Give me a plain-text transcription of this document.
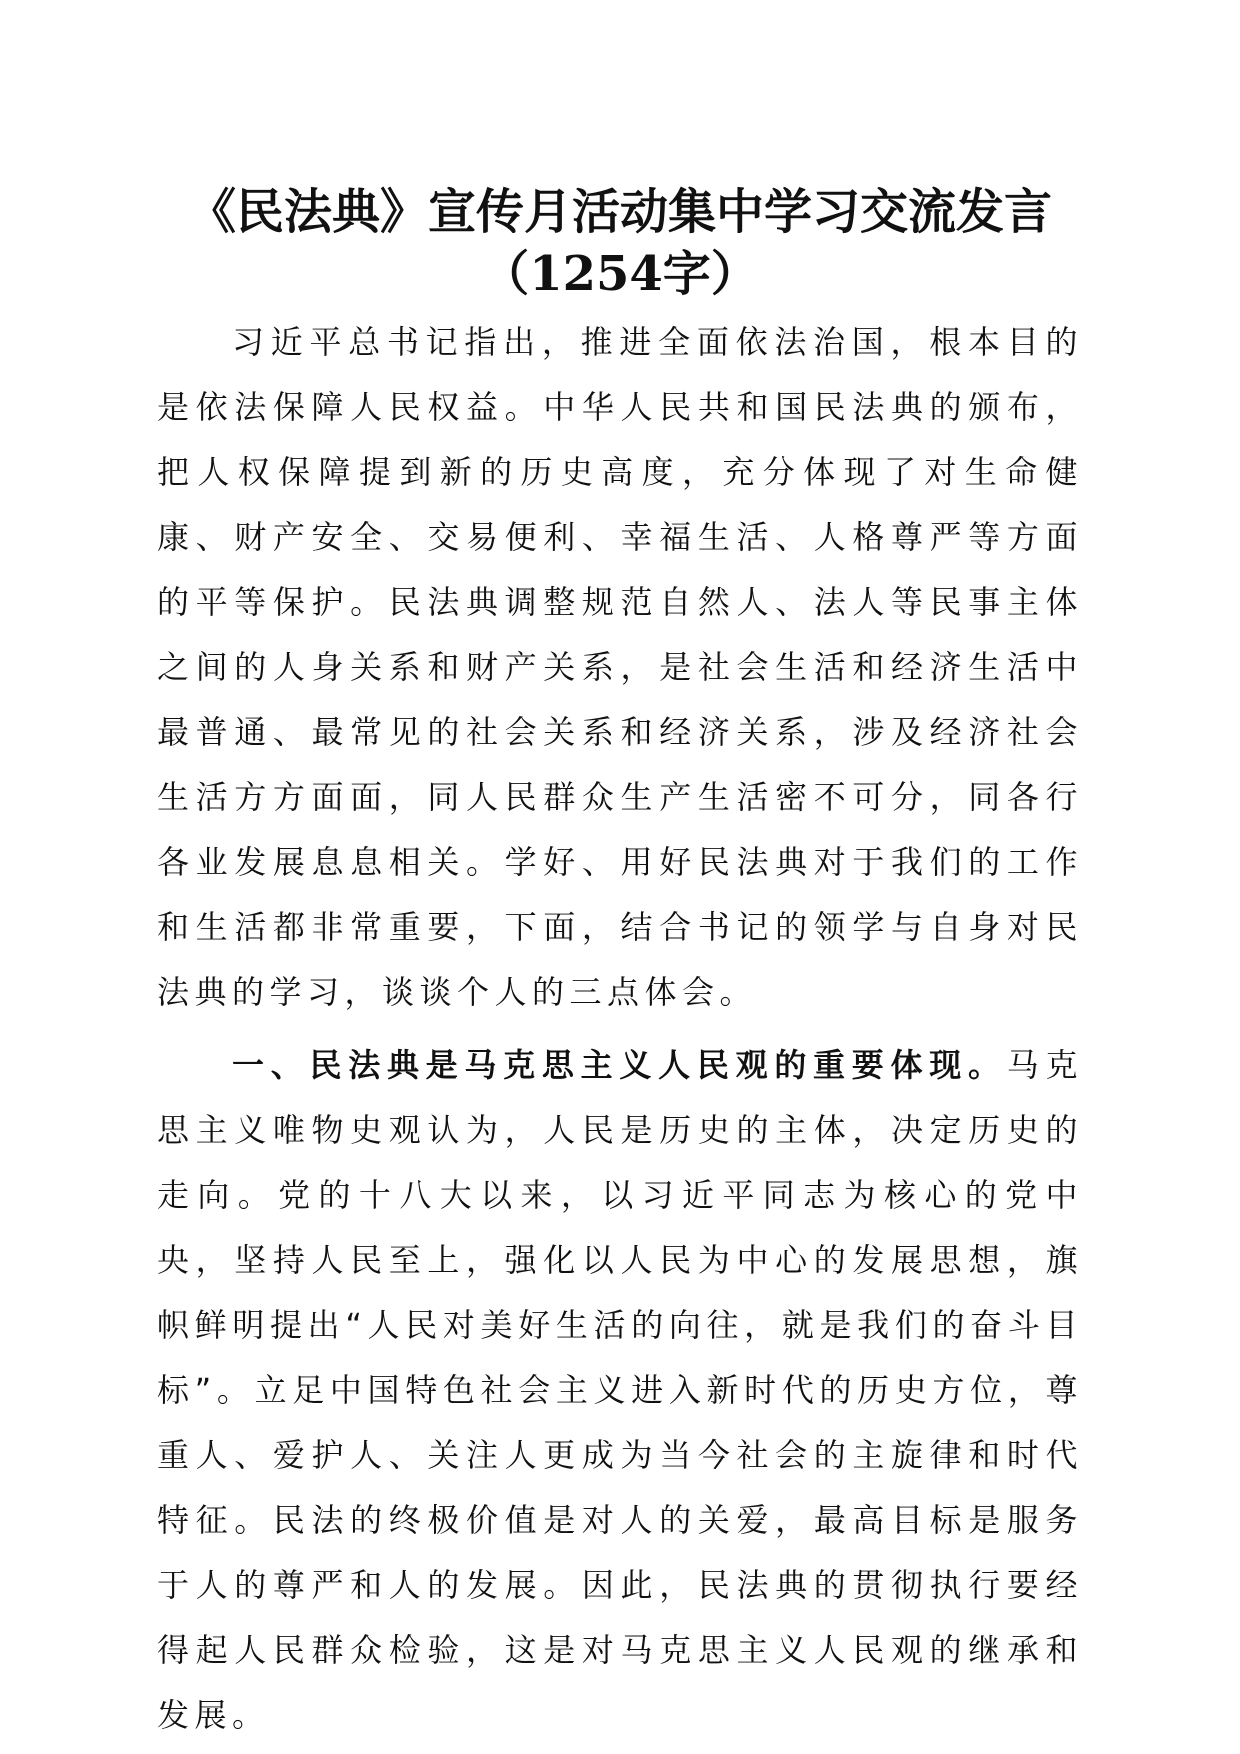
《民法典》宣传月活动集中学习交流发言
（1254字）

习近平总书记指出，推进全面依法治国，根本目的是依法保障人民权益。中华人民共和国民法典的颁布，把人权保障提到新的历史高度，充分体现了对生命健康、财产安全、交易便利、幸福生活、人格尊严等方面的平等保护。民法典调整规范自然人、法人等民事主体之间的人身关系和财产关系，是社会生活和经济生活中最普通、最常见的社会关系和经济关系，涉及经济社会生活方方面面，同人民群众生产生活密不可分，同各行各业发展息息相关。学好、用好民法典对于我们的工作和生活都非常重要，下面，结合书记的领学与自身对民法典的学习，谈谈个人的三点体会。

一、民法典是马克思主义人民观的重要体现。马克思主义唯物史观认为，人民是历史的主体，决定历史的走向。党的十八大以来，以习近平同志为核心的党中央，坚持人民至上，强化以人民为中心的发展思想，旗帜鲜明提出“人民对美好生活的向往，就是我们的奋斗目标”。立足中国特色社会主义进入新时代的历史方位，尊重人、爱护人、关注人更成为当今社会的主旋律和时代特征。民法的终极价值是对人的关爱，最高目标是服务于人的尊严和人的发展。因此，民法典的贯彻执行要经得起人民群众检验，这是对马克思主义人民观的继承和发展。
